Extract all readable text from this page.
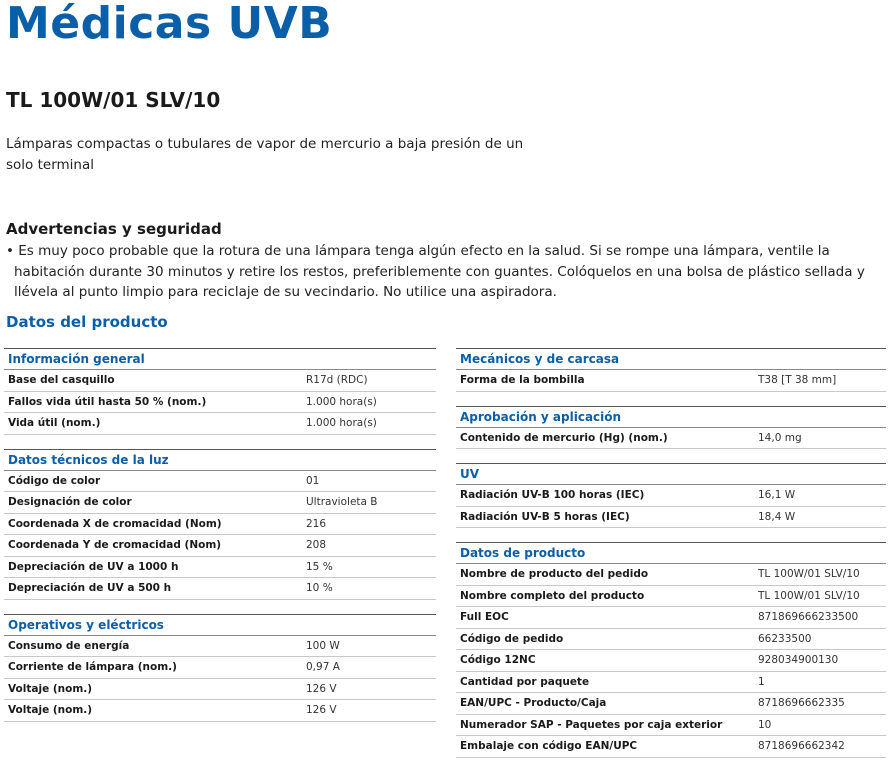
Médicas UVB
TL 100W/01 SLV/10
Lámparas compactas o tubulares de vapor de mercurio a baja presión de un solo terminal
Advertencias y seguridad
• Es muy poco probable que la rotura de una lámpara tenga algún efecto en la salud. Si se rompe una lámpara, ventile la habitación durante 30 minutos y retire los restos, preferiblemente con guantes. Colóquelos en una bolsa de plástico sellada y llévela al punto limpio para reciclaje de su vecindario. No utilice una aspiradora.
Datos del producto
Información general
Base del casquillo	R17d (RDC)
Fallos vida útil hasta 50 % (nom.)	1.000 hora(s)
Vida útil (nom.)	1.000 hora(s)
Datos técnicos de la luz
Código de color	01
Designación de color	Ultravioleta B
Coordenada X de cromacidad (Nom)	216
Coordenada Y de cromacidad (Nom)	208
Depreciación de UV a 1000 h	15 %
Depreciación de UV a 500 h	10 %
Operativos y eléctricos
Consumo de energía	100 W
Corriente de lámpara (nom.)	0,97 A
Voltaje (nom.)	126 V
Voltaje (nom.)	126 V
Mecánicos y de carcasa
Forma de la bombilla	T38 [T 38 mm]
Aprobación y aplicación
Contenido de mercurio (Hg) (nom.)	14,0 mg
UV
Radiación UV-B 100 horas (IEC)	16,1 W
Radiación UV-B 5 horas (IEC)	18,4 W
Datos de producto
Nombre de producto del pedido	TL 100W/01 SLV/10
Nombre completo del producto	TL 100W/01 SLV/10
Full EOC	871869666233500
Código de pedido	66233500
Código 12NC	928034900130
Cantidad por paquete	1
EAN/UPC - Producto/Caja	8718696662335
Numerador SAP - Paquetes por caja exterior	10
Embalaje con código EAN/UPC	8718696662342
